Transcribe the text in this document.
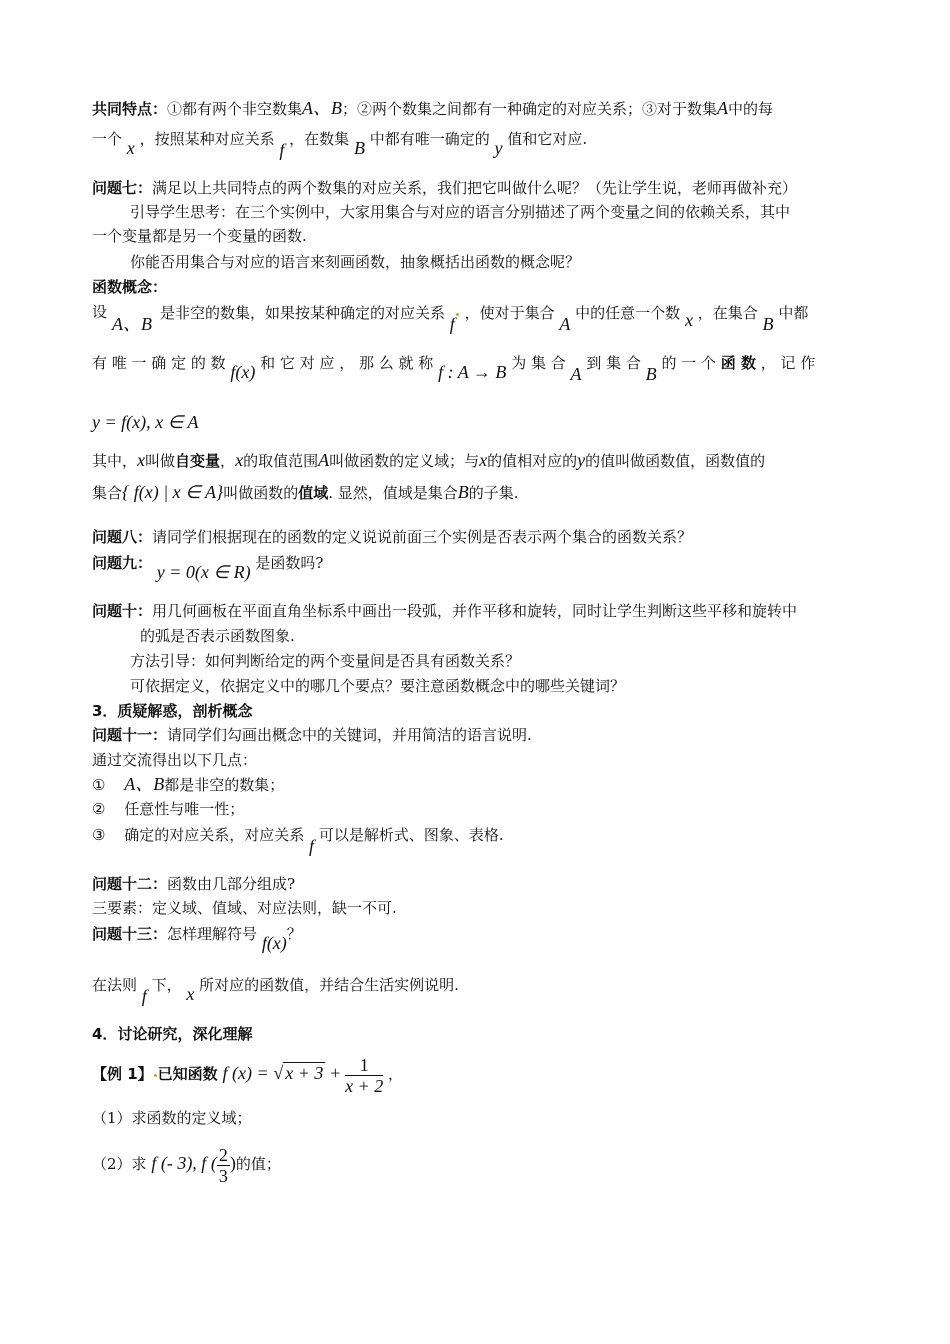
共同特点：①都有两个非空数集A、B；②两个数集之间都有一种确定的对应关系；③对于数集A中的每
一个 x ，按照某种对应关系 f ，在数集 B 中都有唯一确定的 y 值和它对应.
问题七：满足以上共同特点的两个数集的对应关系，我们把它叫做什么呢？（先让学生说，老师再做补充）
引导学生思考：在三个实例中，大家用集合与对应的语言分别描述了两个变量之间的依赖关系，其中
一个变量都是另一个变量的函数.
你能否用集合与对应的语言来刻画函数，抽象概括出函数的概念呢？
函数概念：
设
A、B
是非空的数集，如果按某种确定的对应关系 f ，使对于集合 A 中的任意一个数 x ，在集合 B 中都
有 唯 一 确 定 的 数 f(x) 和 它 对 应 ， 那 么 就 称 f : A → B 为 集 合 A 到 集 合 B 的 一 个 函 数 ， 记 作
y = f(x), x ∈ A
其中，x叫做自变量，x的取值范围A叫做函数的定义域；与x的值相对应的y的值叫做函数值，函数值的
集合{ f(x) | x ∈ A}叫做函数的值域. 显然，值域是集合B的子集.
问题八：请同学们根据现在的函数的定义说说前面三个实例是否表示两个集合的函数关系？
问题九： y = 0(x ∈ R) 是函数吗?
问题十：用几何画板在平面直角坐标系中画出一段弧，并作平移和旋转，同时让学生判断这些平移和旋转中
的弧是否表示函数图象.
方法引导：如何判断给定的两个变量间是否具有函数关系？
可依据定义，依据定义中的哪几个要点？要注意函数概念中的哪些关键词？
3．质疑解惑，剖析概念
问题十一：请同学们勾画出概念中的关键词，并用简洁的语言说明.
通过交流得出以下几点：
① A、B都是非空的数集；
② 任意性与唯一性；
③ 确定的对应关系，对应关系 f 可以是解析式、图象、表格.
问题十二：函数由几部分组成?
三要素：定义域、值域、对应法则，缺一不可.
问题十三：怎样理解符号 f(x)？
在法则 f 下， x 所对应的函数值，并结合生活实例说明.
4．讨论研究，深化理解
【例 1】 已知函数 f (x) = √ $x + 3 + \frac{1}{x + 2}$ ，
（1）求函数的定义域；
（2）求 f (- 3), f ( $\frac{2}{3}$ )的值；
